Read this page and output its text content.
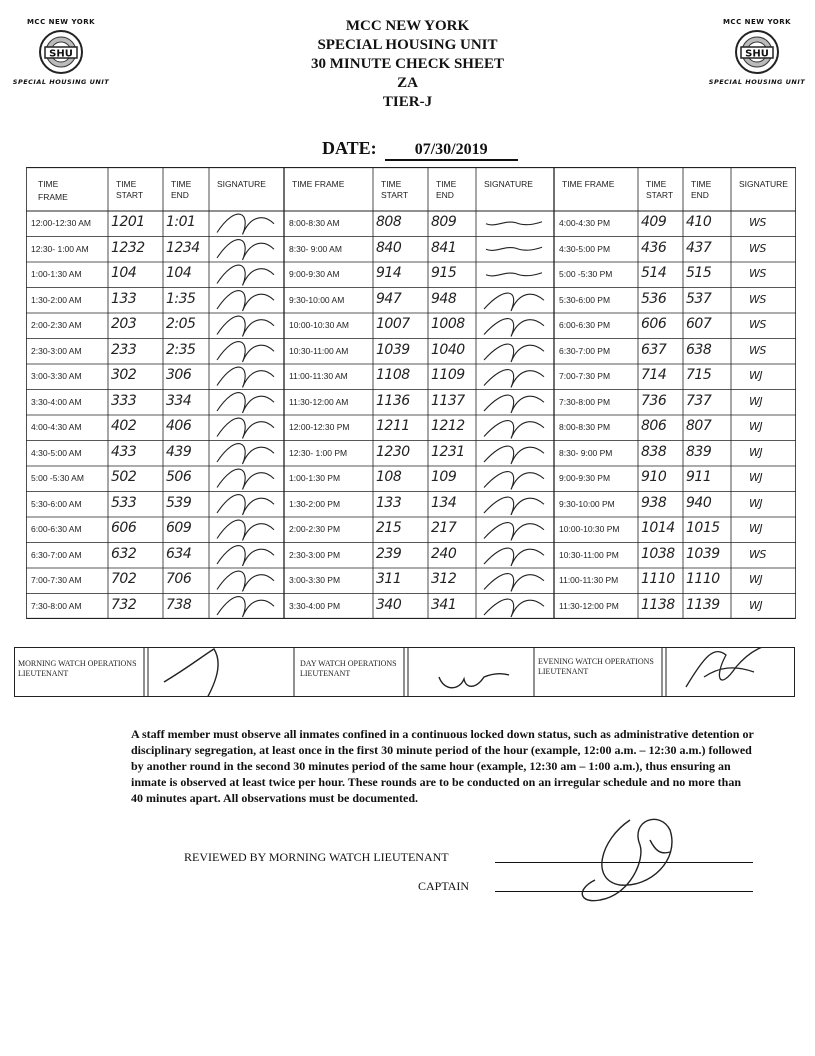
MCC NEW YORK
SHU
SPECIAL HOUSING UNIT
MCC NEW YORK
SHU
SPECIAL HOUSING UNIT
MCC NEW YORK
SPECIAL HOUSING UNIT
30 MINUTE CHECK SHEET
ZA
TIER-J
DATE: 07/30/2019
TIME
FRAME
TIME
START
TIME
END
SIGNATURE
12:00-12:30 AM 1201 1:01
12:30- 1:00 AM 1232 1234
1:00-1:30 AM 104 104
1:30-2:00 AM 133 1:35
2:00-2:30 AM 203 2:05
2:30-3:00 AM 233 2:35
3:00-3:30 AM 302 306
3:30-4:00 AM 333 334
4:00-4:30 AM 402 406
4:30-5:00 AM 433 439
5:00 -5:30 AM 502 506
5:30-6:00 AM 533 539
6:00-6:30 AM 606 609
6:30-7:00 AM 632 634
7:00-7:30 AM 702 706
7:30-8:00 AM 732 738
TIME FRAME	TIME
START
TIME
END
SIGNATURE
8:00-8:30 AM	808 809
8:30- 9:00 AM 840 841
9:00-9:30 AM	914 915
9:30-10:00 AM 947 948
10:00-10:30 AM 1007 1008
10:30-11:00 AM 1039 1040
11:00-11:30 AM 1108 1109
11:30-12:00 AM 1136 1137
12:00-12:30 PM 1211 1212
12:30- 1:00 PM 1230 1231
1:00-1:30 PM	108 109
1:30-2:00 PM	133 134
2:00-2:30 PM	215 217
2:30-3:00 PM	239 240
3:00-3:30 PM	311 312
3:30-4:00 PM	340 341
TIME FRAME	TIME
START
TIME
END
SIGNATURE
4:00-4:30 PM 409 410	WS
4:30-5:00 PM 436 437	WS
5:00 -5:30 PM 514 515	WS
5:30-6:00 PM 536 537	WS
6:00-6:30 PM 606 607	WS
6:30-7:00 PM 637 638	WS
7:00-7:30 PM 714 715	WJ
7:30-8:00 PM 736 737	WJ
8:00-8:30 PM 806 807	WJ
8:30- 9:00 PM 838 839	WJ
9:00-9:30 PM 910 911	WJ
9:30-10:00 PM 938 940	WJ
10:00-10:30 PM 1014 1015	WJ
10:30-11:00 PM 1038 1039	WS
11:00-11:30 PM 1110 1110	WJ
11:30-12:00 PM 1138 1139	WJ
MORNING WATCH OPERATIONS LIEUTENANT
DAY WATCH OPERATIONS LIEUTENANT
EVENING WATCH OPERATIONS LIEUTENANT
A staff member must observe all inmates confined in a continuous locked down status, such as administrative detention or disciplinary segregation, at least once in the first 30 minute period of the hour (example, 12:00 a.m. – 12:30 a.m.) followed by another round in the second 30 minutes period of the same hour (example, 12:30 am – 1:00 a.m.), thus ensuring an inmate is observed at least twice per hour. These rounds are to be conducted on an irregular schedule and no more than 40 minutes apart. All observations must be documented.
REVIEWED BY MORNING WATCH LIEUTENANT
CAPTAIN
